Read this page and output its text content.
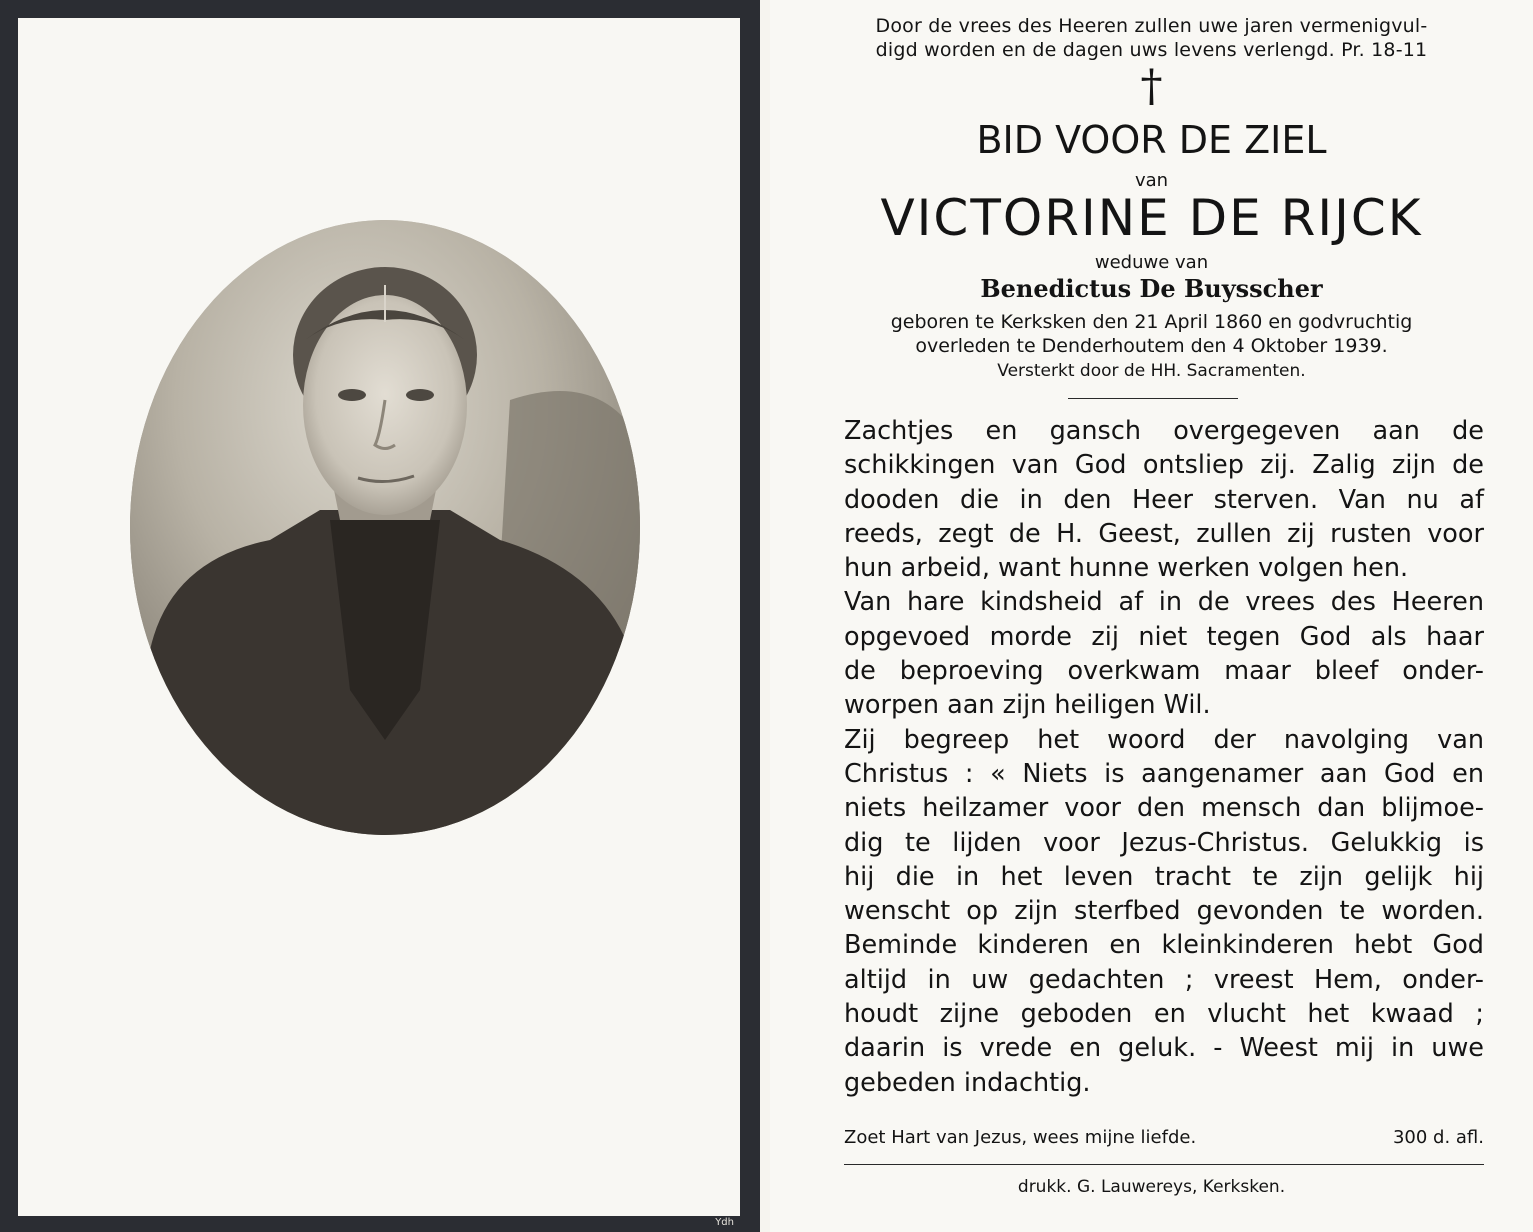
Ydh
Door de vrees des Heeren zullen uwe jaren vermenigvul-
digd worden en de dagen uws levens verlengd. Pr. 18-11
†
BID VOOR DE ZIEL
van
VICTORINE DE RIJCK
weduwe van
Benedictus De Buysscher
geboren te Kerksken den 21 April 1860 en godvruchtig
overleden te Denderhoutem den 4 Oktober 1939.
Versterkt door de HH. Sacramenten.
Zachtjes en gansch overgegeven aan de
schikkingen van God ontsliep zij. Zalig zijn de
dooden die in den Heer sterven. Van nu af
reeds, zegt de H. Geest, zullen zij rusten voor
hun arbeid, want hunne werken volgen hen.
Van hare kindsheid af in de vrees des Heeren
opgevoed morde zij niet tegen God als haar
de beproeving overkwam maar bleef onder-
worpen aan zijn heiligen Wil.
Zij begreep het woord der navolging van
Christus : « Niets is aangenamer aan God en
niets heilzamer voor den mensch dan blijmoe-
dig te lijden voor Jezus-Christus. Gelukkig is
hij die in het leven tracht te zijn gelijk hij
wenscht op zijn sterfbed gevonden te worden.
Beminde kinderen en kleinkinderen hebt God
altijd in uw gedachten ; vreest Hem, onder-
houdt zijne geboden en vlucht het kwaad ;
daarin is vrede en geluk. - Weest mij in uwe
gebeden indachtig.
Zoet Hart van Jezus, wees mijne liefde.	300 d. afl.
drukk. G. Lauwereys, Kerksken.
